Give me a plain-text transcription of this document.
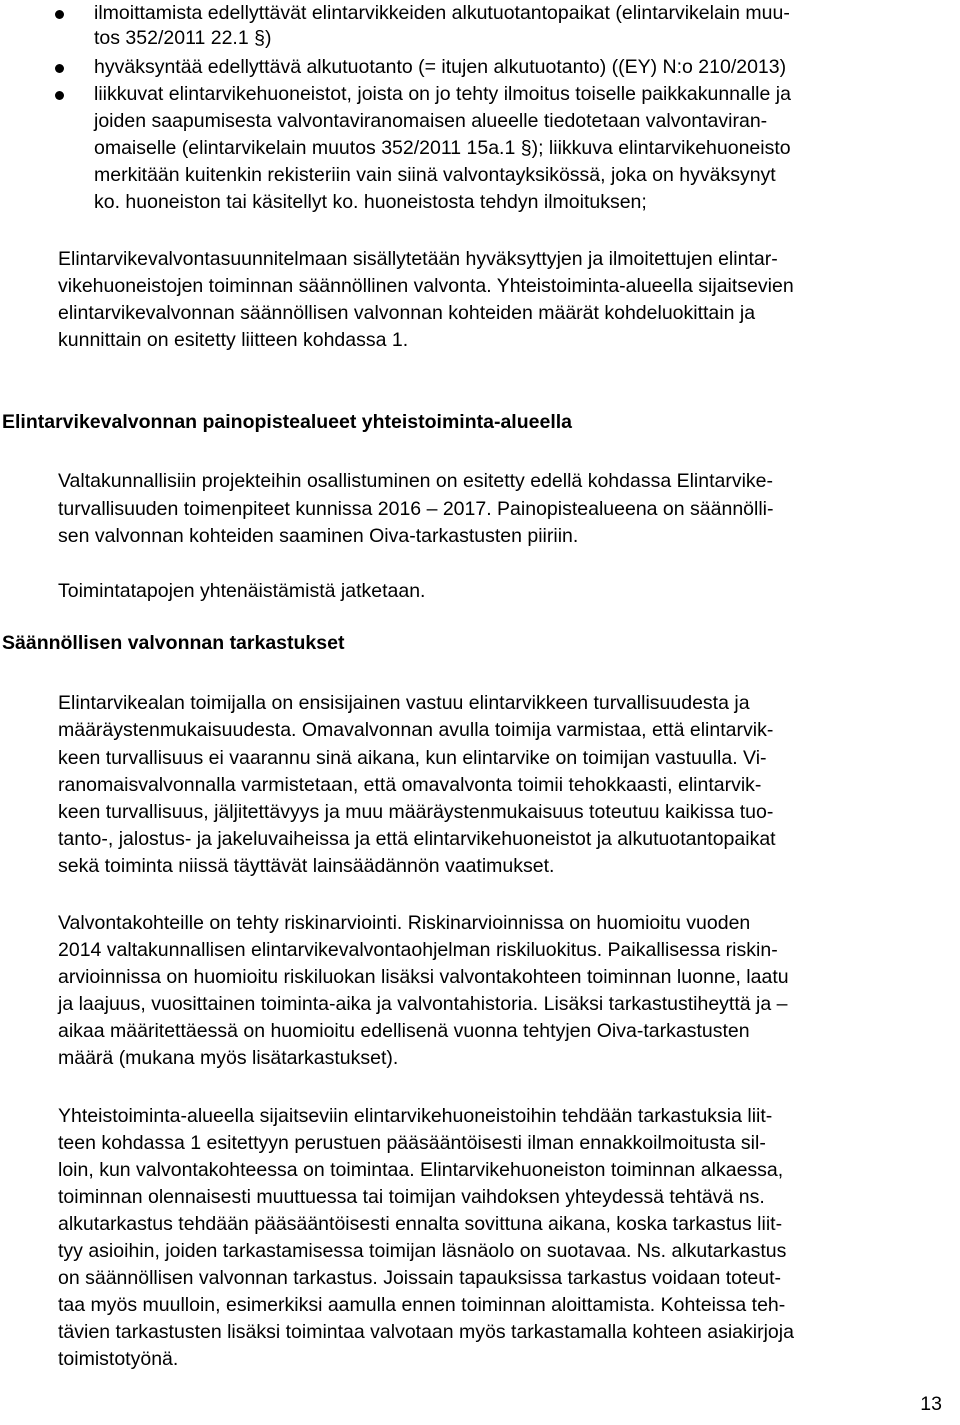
ilmoittamista edellyttävät elintarvikkeiden alkutuotantopaikat (elintarvikelain muu-
tos 352/2011 22.1 §)
hyväksyntää edellyttävä alkutuotanto (= itujen alkutuotanto) ((EY) N:o 210/2013)
liikkuvat elintarvikehuoneistot, joista on jo tehty ilmoitus toiselle paikkakunnalle ja
joiden saapumisesta valvontaviranomaisen alueelle tiedotetaan valvontaviran-
omaiselle (elintarvikelain muutos 352/2011 15a.1 §); liikkuva elintarvikehuoneisto
merkitään kuitenkin rekisteriin vain siinä valvontayksikössä, joka on hyväksynyt
ko. huoneiston tai käsitellyt ko. huoneistosta tehdyn ilmoituksen;
Elintarvikevalvontasuunnitelmaan sisällytetään hyväksyttyjen ja ilmoitettujen elintar-
vikehuoneistojen toiminnan säännöllinen valvonta. Yhteistoiminta-alueella sijaitsevien
elintarvikevalvonnan säännöllisen valvonnan kohteiden määrät kohdeluokittain ja
kunnittain on esitetty liitteen kohdassa 1.
Elintarvikevalvonnan painopistealueet yhteistoiminta-alueella
Valtakunnallisiin projekteihin osallistuminen on esitetty edellä kohdassa Elintarvike-
turvallisuuden toimenpiteet kunnissa 2016 – 2017. Painopistealueena on säännölli-
sen valvonnan kohteiden saaminen Oiva-tarkastusten piiriin.
Toimintatapojen yhtenäistämistä jatketaan.
Säännöllisen valvonnan tarkastukset
Elintarvikealan toimijalla on ensisijainen vastuu elintarvikkeen turvallisuudesta ja
määräystenmukaisuudesta. Omavalvonnan avulla toimija varmistaa, että elintarvik-
keen turvallisuus ei vaarannu sinä aikana, kun elintarvike on toimijan vastuulla. Vi-
ranomaisvalvonnalla varmistetaan, että omavalvonta toimii tehokkaasti, elintarvik-
keen turvallisuus, jäljitettävyys ja muu määräystenmukaisuus toteutuu kaikissa tuo-
tanto-, jalostus- ja jakeluvaiheissa ja että elintarvikehuoneistot ja alkutuotantopaikat
sekä toiminta niissä täyttävät lainsäädännön vaatimukset.
Valvontakohteille on tehty riskinarviointi. Riskinarvioinnissa on huomioitu vuoden
2014 valtakunnallisen elintarvikevalvontaohjelman riskiluokitus. Paikallisessa riskin-
arvioinnissa on huomioitu riskiluokan lisäksi valvontakohteen toiminnan luonne, laatu
ja laajuus, vuosittainen toiminta-aika ja valvontahistoria. Lisäksi tarkastustiheyttä ja –
aikaa määritettäessä on huomioitu edellisenä vuonna tehtyjen Oiva-tarkastusten
määrä (mukana myös lisätarkastukset).
Yhteistoiminta-alueella sijaitseviin elintarvikehuoneistoihin tehdään tarkastuksia liit-
teen kohdassa 1 esitettyyn perustuen pääsääntöisesti ilman ennakkoilmoitusta sil-
loin, kun valvontakohteessa on toimintaa. Elintarvikehuoneiston toiminnan alkaessa,
toiminnan olennaisesti muuttuessa tai toimijan vaihdoksen yhteydessä tehtävä ns.
alkutarkastus tehdään pääsääntöisesti ennalta sovittuna aikana, koska tarkastus liit-
tyy asioihin, joiden tarkastamisessa toimijan läsnäolo on suotavaa. Ns. alkutarkastus
on säännöllisen valvonnan tarkastus. Joissain tapauksissa tarkastus voidaan toteut-
taa myös muulloin, esimerkiksi aamulla ennen toiminnan aloittamista. Kohteissa teh-
tävien tarkastusten lisäksi toimintaa valvotaan myös tarkastamalla kohteen asiakirjoja
toimistotyönä.
13
